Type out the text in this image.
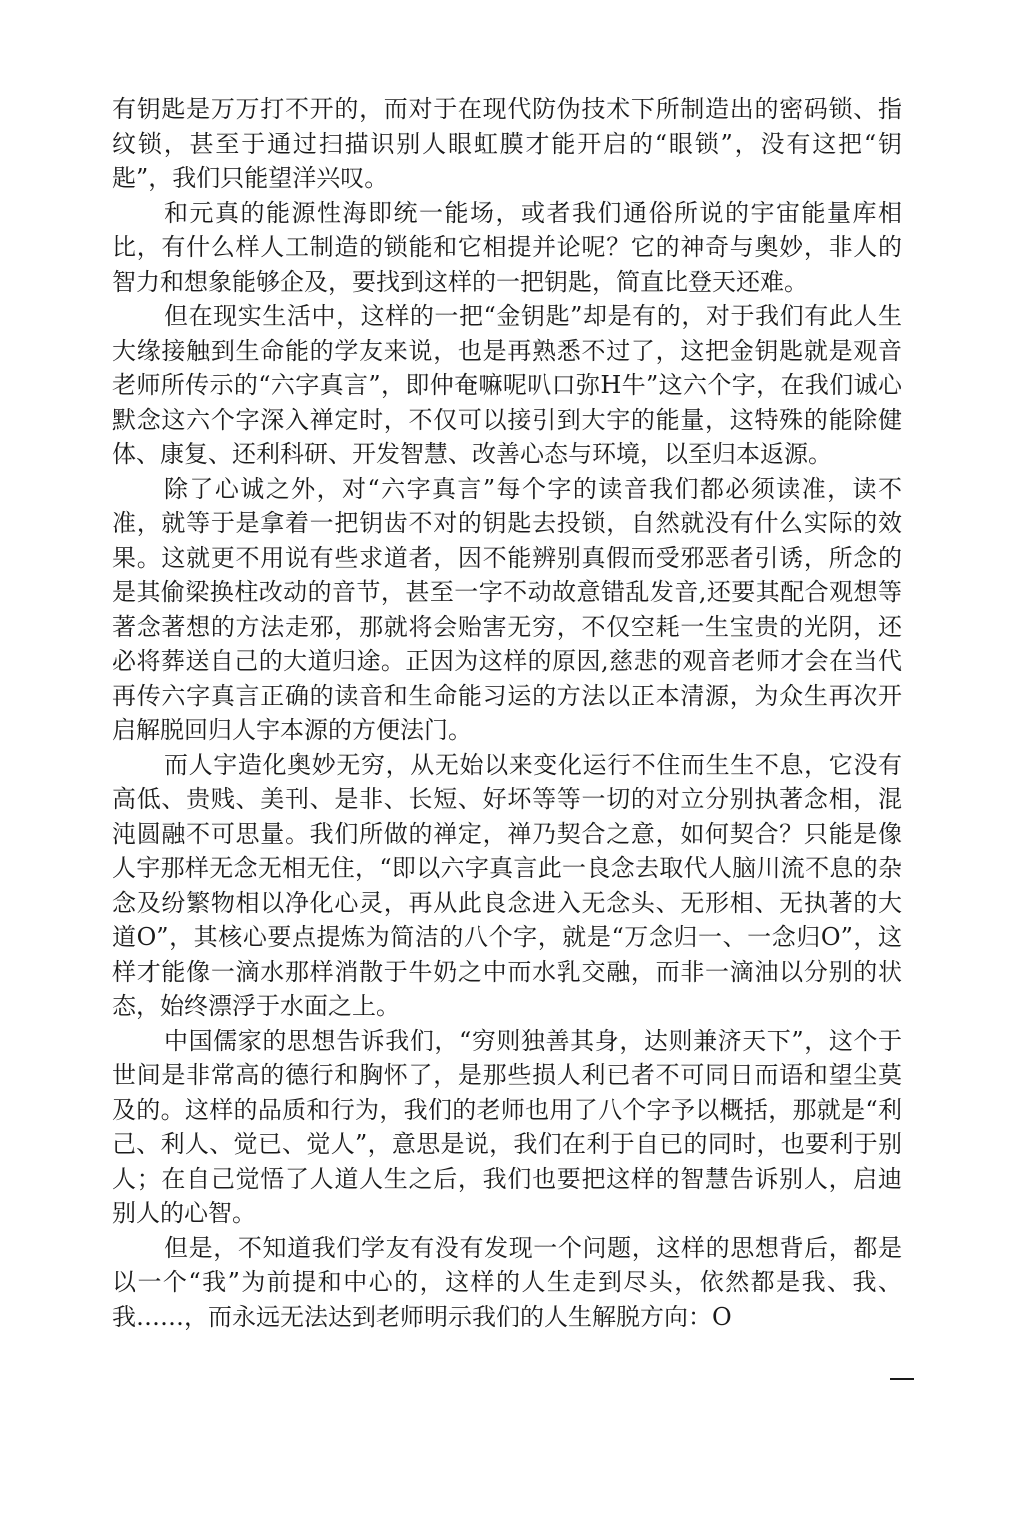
有钥匙是万万打不开的，而对于在现代防伪技术下所制造出的密码锁、指纹锁，甚至于通过扫描识别人眼虹膜才能开启的“眼锁”，没有这把“钥匙”，我们只能望洋兴叹。

和元真的能源性海即统一能场，或者我们通俗所说的宇宙能量库相比，有什么样人工制造的锁能和它相提并论呢？它的神奇与奥妙，非人的智力和想象能够企及，要找到这样的一把钥匙，简直比登天还难。

但在现实生活中，这样的一把“金钥匙”却是有的，对于我们有此人生大缘接触到生命能的学友来说，也是再熟悉不过了，这把金钥匙就是观音老师所传示的“六字真言”，即仲奄嘛呢叭口弥H牛”这六个字，在我们诚心默念这六个字深入禅定时，不仅可以接引到大宇的能量，这特殊的能除健体、康复、还利科研、开发智慧、改善心态与环境，以至归本返源。

除了心诚之外，对“六字真言”每个字的读音我们都必须读准，读不准，就等于是拿着一把钥齿不对的钥匙去投锁，自然就没有什么实际的效果。这就更不用说有些求道者，因不能辨别真假而受邪恶者引诱，所念的是其偷梁换柱改动的音节，甚至一字不动故意错乱发音,还要其配合观想等著念著想的方法走邪，那就将会贻害无穷，不仅空耗一生宝贵的光阴，还必将葬送自己的大道归途。正因为这样的原因,慈悲的观音老师才会在当代再传六字真言正确的读音和生命能习运的方法以正本清源，为众生再次开启解脱回归人宇本源的方便法门。

而人宇造化奥妙无穷，从无始以来变化运行不住而生生不息，它没有高低、贵贱、美刊、是非、长短、好坏等等一切的对立分别执著念相，混沌圆融不可思量。我们所做的禅定，禅乃契合之意，如何契合？只能是像人宇那样无念无相无住，“即以六字真言此一良念去取代人脑川流不息的杂念及纷繁物相以净化心灵，再从此良念进入无念头、无形相、无执著的大道O”，其核心要点提炼为简洁的八个字，就是“万念归一、一念归O”，这样才能像一滴水那样消散于牛奶之中而水乳交融，而非一滴油以分别的状态，始终漂浮于水面之上。

中国儒家的思想告诉我们，“穷则独善其身，达则兼济天下”，这个于世间是非常高的德行和胸怀了，是那些损人利已者不可同日而语和望尘莫及的。这样的品质和行为，我们的老师也用了八个字予以概括，那就是“利己、利人、觉已、觉人”，意思是说，我们在利于自已的同时，也要利于别人；在自己觉悟了人道人生之后，我们也要把这样的智慧告诉别人，启迪别人的心智。

但是，不知道我们学友有没有发现一个问题，这样的思想背后，都是以一个“我”为前提和中心的，这样的人生走到尽头，依然都是我、我、我……，而永远无法达到老师明示我们的人生解脱方向：O
